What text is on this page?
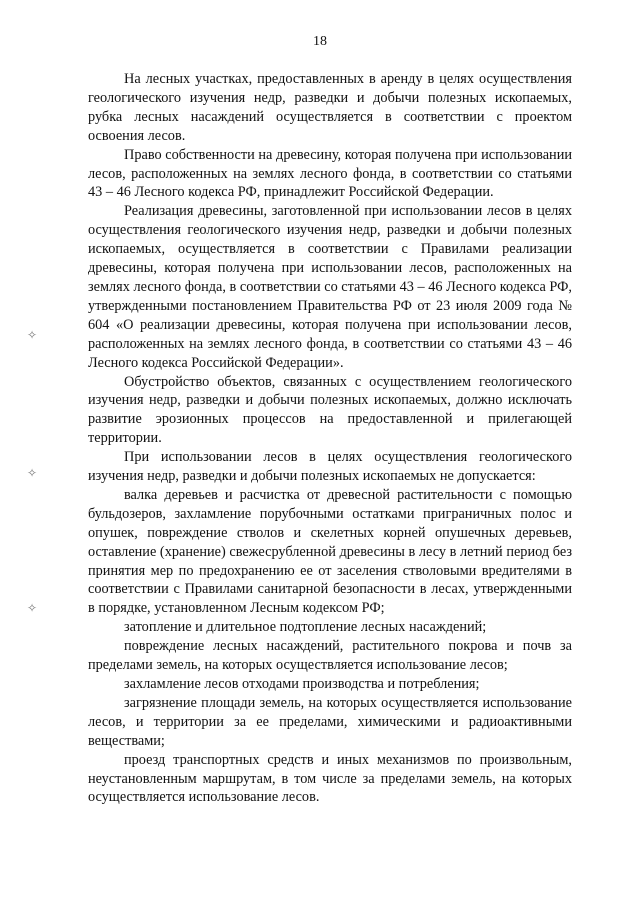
18
✧
✧
✧

На лесных участках, предоставленных в аренду в целях осуществления геологического изучения недр, разведки и добычи полезных ископаемых, рубка лесных насаждений осуществляется в соответствии с проектом освоения лесов.

Право собственности на древесину, которая получена при использовании лесов, расположенных на землях лесного фонда, в соответствии со статьями 43 – 46 Лесного кодекса РФ, принадлежит Российской Федерации.

Реализация древесины, заготовленной при использовании лесов в целях осуществления геологического изучения недр, разведки и добычи полезных ископаемых, осуществляется в соответствии с Правилами реализации древесины, которая получена при использовании лесов, расположенных на землях лесного фонда, в соответствии со статьями 43 – 46 Лесного кодекса РФ, утвержденными постановлением Правительства РФ от 23 июля 2009 года № 604 «О реализации древесины, которая получена при использовании лесов, расположенных на землях лесного фонда, в соответствии со статьями 43 – 46 Лесного кодекса Российской Федерации».

Обустройство объектов, связанных с осуществлением геологического изучения недр, разведки и добычи полезных ископаемых, должно исключать развитие эрозионных процессов на предоставленной и прилегающей территории.

При использовании лесов в целях осуществления геологического изучения недр, разведки и добычи полезных ископаемых не допускается:

валка деревьев и расчистка от древесной растительности с помощью бульдозеров, захламление порубочными остатками приграничных полос и опушек, повреждение стволов и скелетных корней опушечных деревьев, оставление (хранение) свежесрубленной древесины в лесу в летний период без принятия мер по предохранению ее от заселения стволовыми вредителями в соответствии с Правилами санитарной безопасности в лесах, утвержденными в порядке, установленном Лесным кодексом РФ;

затопление и длительное подтопление лесных насаждений;

повреждение лесных насаждений, растительного покрова и почв за пределами земель, на которых осуществляется использование лесов;

захламление лесов отходами производства и потребления;

загрязнение площади земель, на которых осуществляется использование лесов, и территории за ее пределами, химическими и радиоактивными веществами;

проезд транспортных средств и иных механизмов по произвольным, неустановленным маршрутам, в том числе за пределами земель, на которых осуществляется использование лесов.
